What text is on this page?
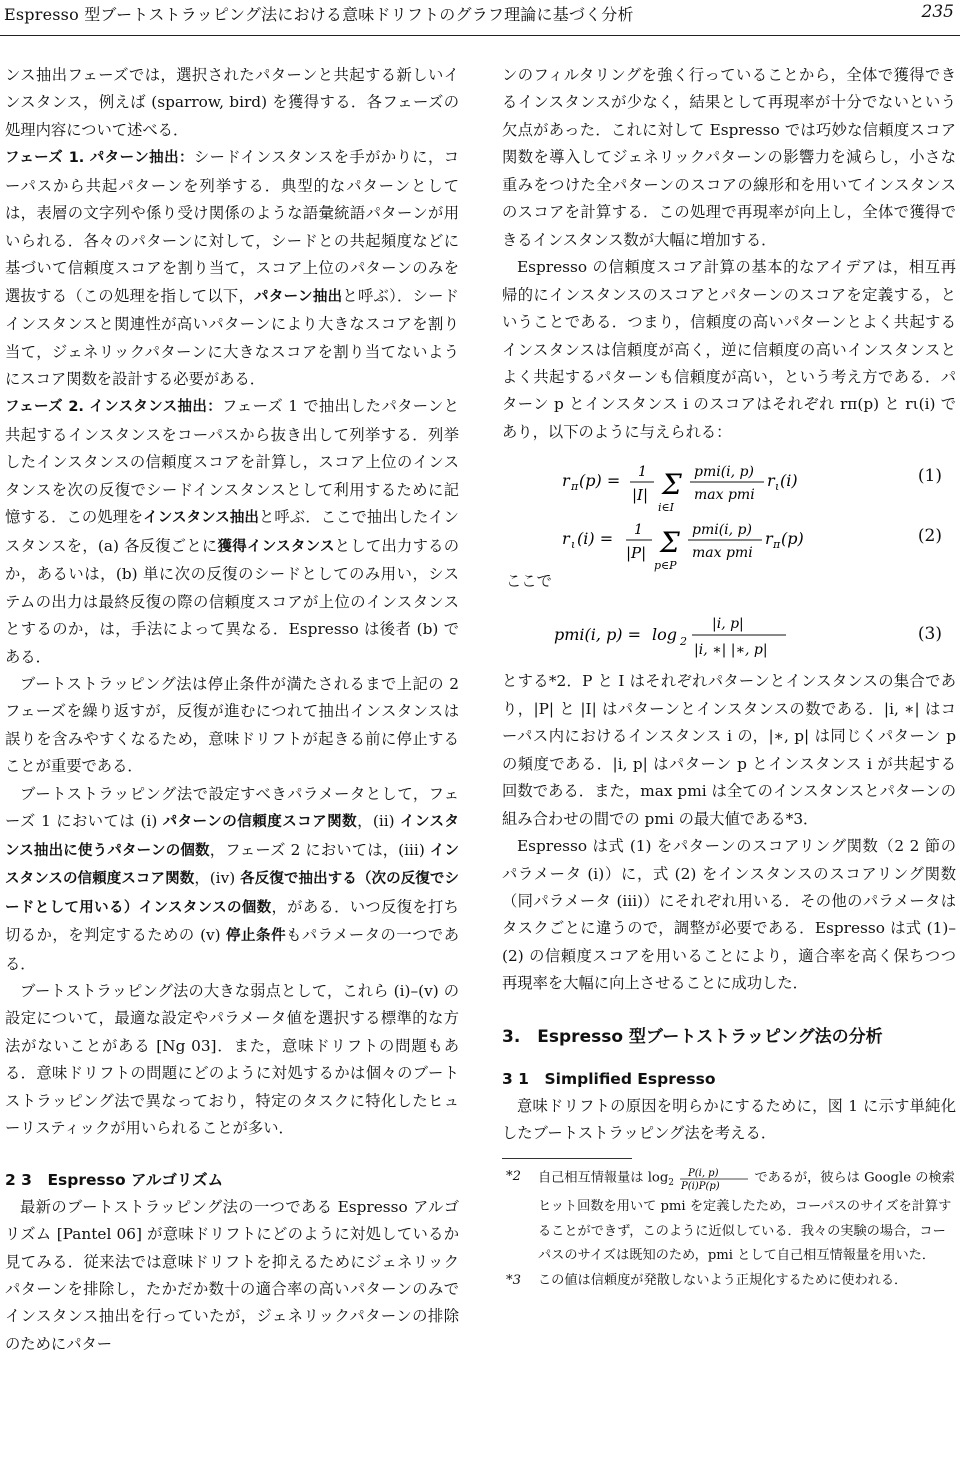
Espresso 型ブートストラッピング法における意味ドリフトのグラフ理論に基づく分析	235

ンス抽出フェーズでは，選択されたパターンと共起する新しいインスタンス，例えば (sparrow, bird) を獲得する．各フェーズの処理内容について述べる．

フェーズ 1. パターン抽出：シードインスタンスを手がかりに，コーパスから共起パターンを列挙する．典型的なパターンとしては，表層の文字列や係り受け関係のような語彙統語パターンが用いられる．各々のパターンに対して，シードとの共起頻度などに基づいて信頼度スコアを割り当て，スコア上位のパターンのみを選抜する（この処理を指して以下，パターン抽出と呼ぶ）．シードインスタンスと関連性が高いパターンにより大きなスコアを割り当て，ジェネリックパターンに大きなスコアを割り当てないようにスコア関数を設計する必要がある．

フェーズ 2. インスタンス抽出：フェーズ 1 で抽出したパターンと共起するインスタンスをコーパスから抜き出して列挙する．列挙したインスタンスの信頼度スコアを計算し，スコア上位のインスタンスを次の反復でシードインスタンスとして利用するために記憶する．この処理をインスタンス抽出と呼ぶ．ここで抽出したインスタンスを，(a) 各反復ごとに獲得インスタンスとして出力するのか，あるいは，(b) 単に次の反復のシードとしてのみ用い，システムの出力は最終反復の際の信頼度スコアが上位のインスタンスとするのか，は，手法によって異なる．Espresso は後者 (b) である．

ブートストラッピング法は停止条件が満たされるまで上記の 2 フェーズを繰り返すが，反復が進むにつれて抽出インスタンスは誤りを含みやすくなるため，意味ドリフトが起きる前に停止することが重要である．

ブートストラッピング法で設定すべきパラメータとして，フェーズ 1 においては (i) パターンの信頼度スコア関数，(ii) インスタンス抽出に使うパターンの個数，フェーズ 2 においては，(iii) インスタンスの信頼度スコア関数，(iv) 各反復で抽出する（次の反復でシードとして用いる）インスタンスの個数，がある．いつ反復を打ち切るか，を判定するための (v) 停止条件もパラメータの一つである．

ブートストラッピング法の大きな弱点として，これら (i)–(v) の設定について，最適な設定やパラメータ値を選択する標準的な方法がないことがある [Ng 03]．また，意味ドリフトの問題もある．意味ドリフトの問題にどのように対処するかは個々のブートストラッピング法で異なっており，特定のタスクに特化したヒューリスティックが用いられることが多い．

2 3　Espresso アルゴリズム

最新のブートストラッピング法の一つである Espresso アルゴリズム [Pantel 06] が意味ドリフトにどのように対処しているか見てみる．従来法では意味ドリフトを抑えるためにジェネリックパターンを排除し，たかだか数十の適合率の高いパターンのみでインスタンス抽出を行っていたが，ジェネリックパターンの排除のためにパター

ンのフィルタリングを強く行っていることから，全体で獲得できるインスタンスが少なく，結果として再現率が十分でないという欠点があった．これに対して Espresso では巧妙な信頼度スコア関数を導入してジェネリックパターンの影響力を減らし，小さな重みをつけた全パターンのスコアの線形和を用いてインスタンスのスコアを計算する．この処理で再現率が向上し，全体で獲得できるインスタンス数が大幅に増加する．

Espresso の信頼度スコア計算の基本的なアイデアは，相互再帰的にインスタンスのスコアとパターンのスコアを定義する，ということである．つまり，信頼度の高いパターンとよく共起するインスタンスは信頼度が高く，逆に信頼度の高いインスタンスとよく共起するパターンも信頼度が高い，という考え方である．パターン p とインスタンス i のスコアはそれぞれ rπ(p) と rι(i) であり，以下のように与えられる：

r π (p) = 1
|I| Σ
i∈I
pmi(i, p)
max pmi
r ι (i)	(1)
r ι (i) = 1
|P| Σ
p∈P
pmi(i, p)
max pmi
r π (p)	(2)
ここで
pmi(i, p) = log 2
|i, p|
|i, ∗| |∗, p|
(3)

とする*2．P と I はそれぞれパターンとインスタンスの集合であり，|P| と |I| はパターンとインスタンスの数である．|i, ∗| はコーパス内におけるインスタンス i の，|∗, p| は同じくパターン p の頻度である．|i, p| はパターン p とインスタンス i が共起する回数である．また，max pmi は全てのインスタンスとパターンの組み合わせの間での pmi の最大値である*3．

Espresso は式 (1) をパターンのスコアリング関数（2 2 節のパラメータ (i)）に，式 (2) をインスタンスのスコアリング関数（同パラメータ (iii)）にそれぞれ用いる．その他のパラメータはタスクごとに違うので，調整が必要である．Espresso は式 (1)–(2) の信頼度スコアを用いることにより，適合率を高く保ちつつ再現率を大幅に向上させることに成功した．

3.　Espresso 型ブートストラッピング法の分析
3 1　Simplified Espresso

意味ドリフトの原因を明らかにするために，図 1 に示す単純化したブートストラッピング法を考える．

*2 自己相互情報量は $\log_2$
P(i, p)
P(i)P(p)
であるが，彼らは Google の検索ヒット回数を用いて pmi を定義したため，コーパスのサイズを計算することができず，このように近似している．我々の実験の場合，コーパスのサイズは既知のため，pmi として自己相互情報量を用いた．
*3 この値は信頼度が発散しないよう正規化するために使われる．
